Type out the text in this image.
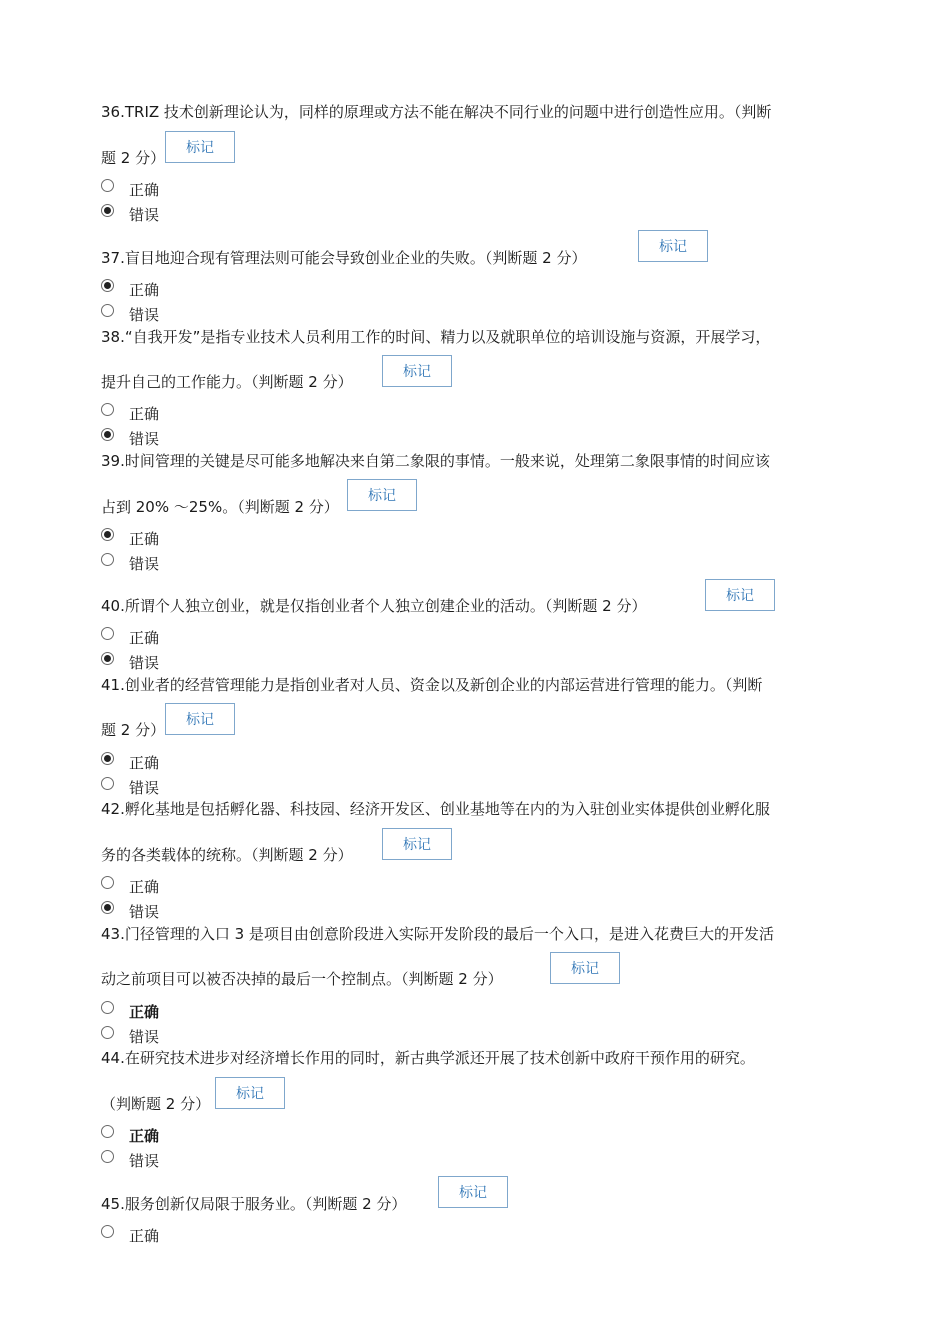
36.TRIZ 技术创新理论认为，同样的原理或方法不能在解决不同行业的问题中进行创造性应用。（判断
题 2 分）
标记
正确
错误
37.盲目地迎合现有管理法则可能会导致创业企业的失败。（判断题 2 分）
标记
正确
错误
38.“自我开发”是指专业技术人员利用工作的时间、精力以及就职单位的培训设施与资源，开展学习，
提升自己的工作能力。（判断题 2 分）
标记
正确
错误
39.时间管理的关键是尽可能多地解决来自第二象限的事情。一般来说，处理第二象限事情的时间应该
占到 20% ～25%。（判断题 2 分）
标记
正确
错误
40.所谓个人独立创业，就是仅指创业者个人独立创建企业的活动。（判断题 2 分）
标记
正确
错误
41.创业者的经营管理能力是指创业者对人员、资金以及新创企业的内部运营进行管理的能力。（判断
题 2 分）
标记
正确
错误
42.孵化基地是包括孵化器、科技园、经济开发区、创业基地等在内的为入驻创业实体提供创业孵化服
务的各类载体的统称。（判断题 2 分）
标记
正确
错误
43.门径管理的入口 3 是项目由创意阶段进入实际开发阶段的最后一个入口，是进入花费巨大的开发活
动之前项目可以被否决掉的最后一个控制点。（判断题 2 分）
标记
正确
错误
44.在研究技术进步对经济增长作用的同时，新古典学派还开展了技术创新中政府干预作用的研究。
（判断题 2 分）
标记
正确
错误
45.服务创新仅局限于服务业。（判断题 2 分）
标记
正确
